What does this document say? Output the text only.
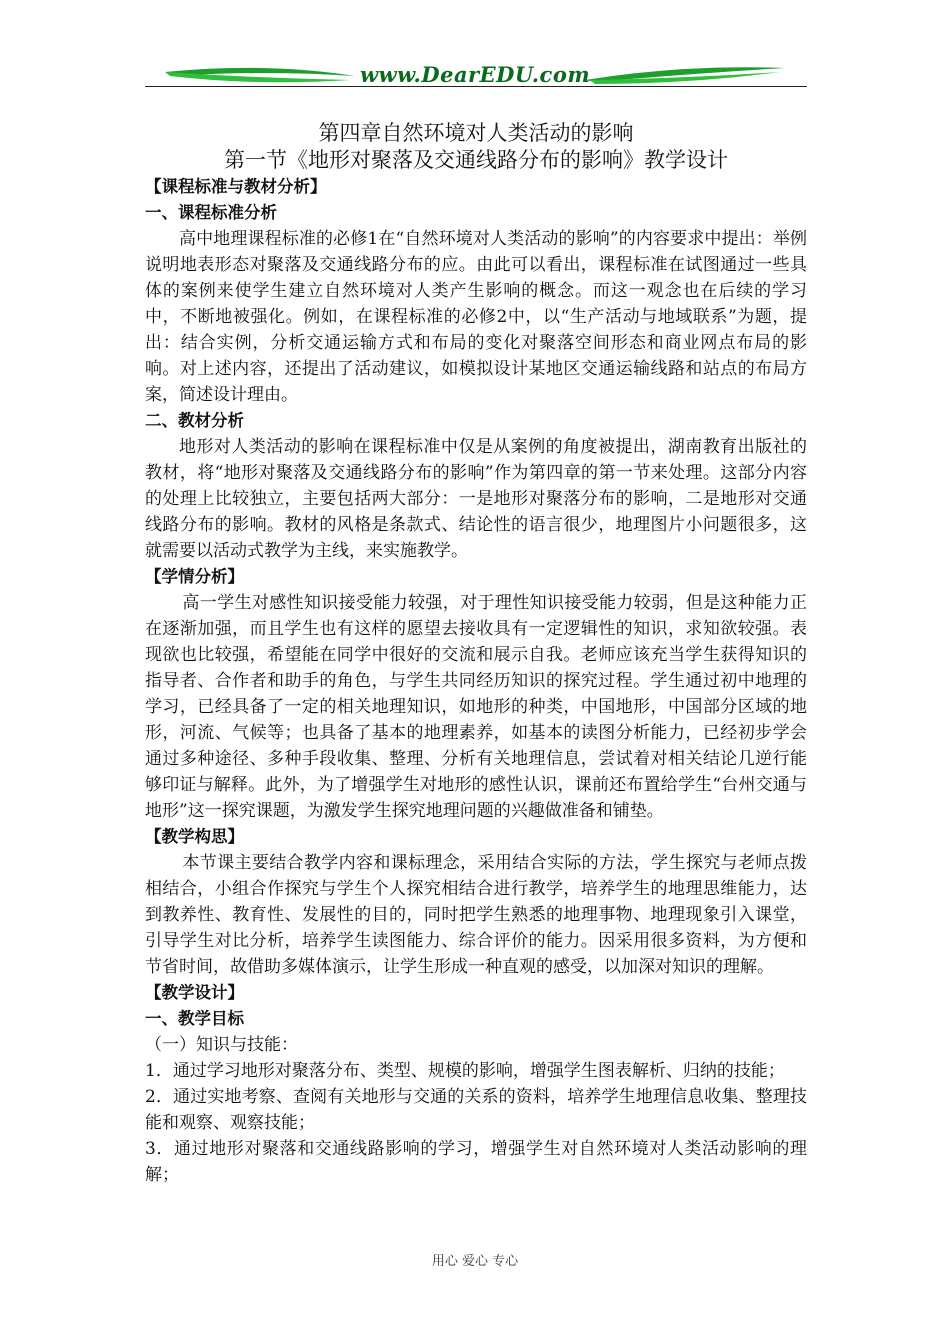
www.DearEDU.com

第四章自然环境对人类活动的影响

第一节《地形对聚落及交通线路分布的影响》教学设计

【课程标准与教材分析】

一、课程标准分析

高中地理课程标准的必修1在“自然环境对人类活动的影响”的内容要求中提出：举例说明地表形态对聚落及交通线路分布的应。由此可以看出，课程标准在试图通过一些具体的案例来使学生建立自然环境对人类产生影响的概念。而这一观念也在后续的学习中，不断地被强化。例如，在课程标准的必修2中，以“生产活动与地域联系”为题，提出：结合实例，分析交通运输方式和布局的变化对聚落空间形态和商业网点布局的影响。对上述内容，还提出了活动建议，如模拟设计某地区交通运输线路和站点的布局方案，简述设计理由。

二、教材分析

地形对人类活动的影响在课程标准中仅是从案例的角度被提出，湖南教育出版社的教材，将“地形对聚落及交通线路分布的影响”作为第四章的第一节来处理。这部分内容的处理上比较独立，主要包括两大部分：一是地形对聚落分布的影响，二是地形对交通线路分布的影响。教材的风格是条款式、结论性的语言很少，地理图片小问题很多，这就需要以活动式教学为主线，来实施教学。

【学情分析】

高一学生对感性知识接受能力较强，对于理性知识接受能力较弱，但是这种能力正在逐渐加强，而且学生也有这样的愿望去接收具有一定逻辑性的知识，求知欲较强。表现欲也比较强，希望能在同学中很好的交流和展示自我。老师应该充当学生获得知识的指导者、合作者和助手的角色，与学生共同经历知识的探究过程。学生通过初中地理的学习，已经具备了一定的相关地理知识，如地形的种类，中国地形，中国部分区域的地形，河流、气候等；也具备了基本的地理素养，如基本的读图分析能力，已经初步学会通过多种途径、多种手段收集、整理、分析有关地理信息，尝试着对相关结论几逆行能够印证与解释。此外，为了增强学生对地形的感性认识，课前还布置给学生“台州交通与地形”这一探究课题，为激发学生探究地理问题的兴趣做准备和铺垫。

【教学构思】

本节课主要结合教学内容和课标理念，采用结合实际的方法，学生探究与老师点拨相结合，小组合作探究与学生个人探究相结合进行教学，培养学生的地理思维能力，达到教养性、教育性、发展性的目的，同时把学生熟悉的地理事物、地理现象引入课堂，引导学生对比分析，培养学生读图能力、综合评价的能力。因采用很多资料，为方便和节省时间，故借助多媒体演示，让学生形成一种直观的感受，以加深对知识的理解。

【教学设计】

一、教学目标

（一）知识与技能：

1．通过学习地形对聚落分布、类型、规模的影响，增强学生图表解析、归纳的技能；

2．通过实地考察、查阅有关地形与交通的关系的资料，培养学生地理信息收集、整理技能和观察、观察技能；

3．通过地形对聚落和交通线路影响的学习，增强学生对自然环境对人类活动影响的理解；

用心 爱心 专心
